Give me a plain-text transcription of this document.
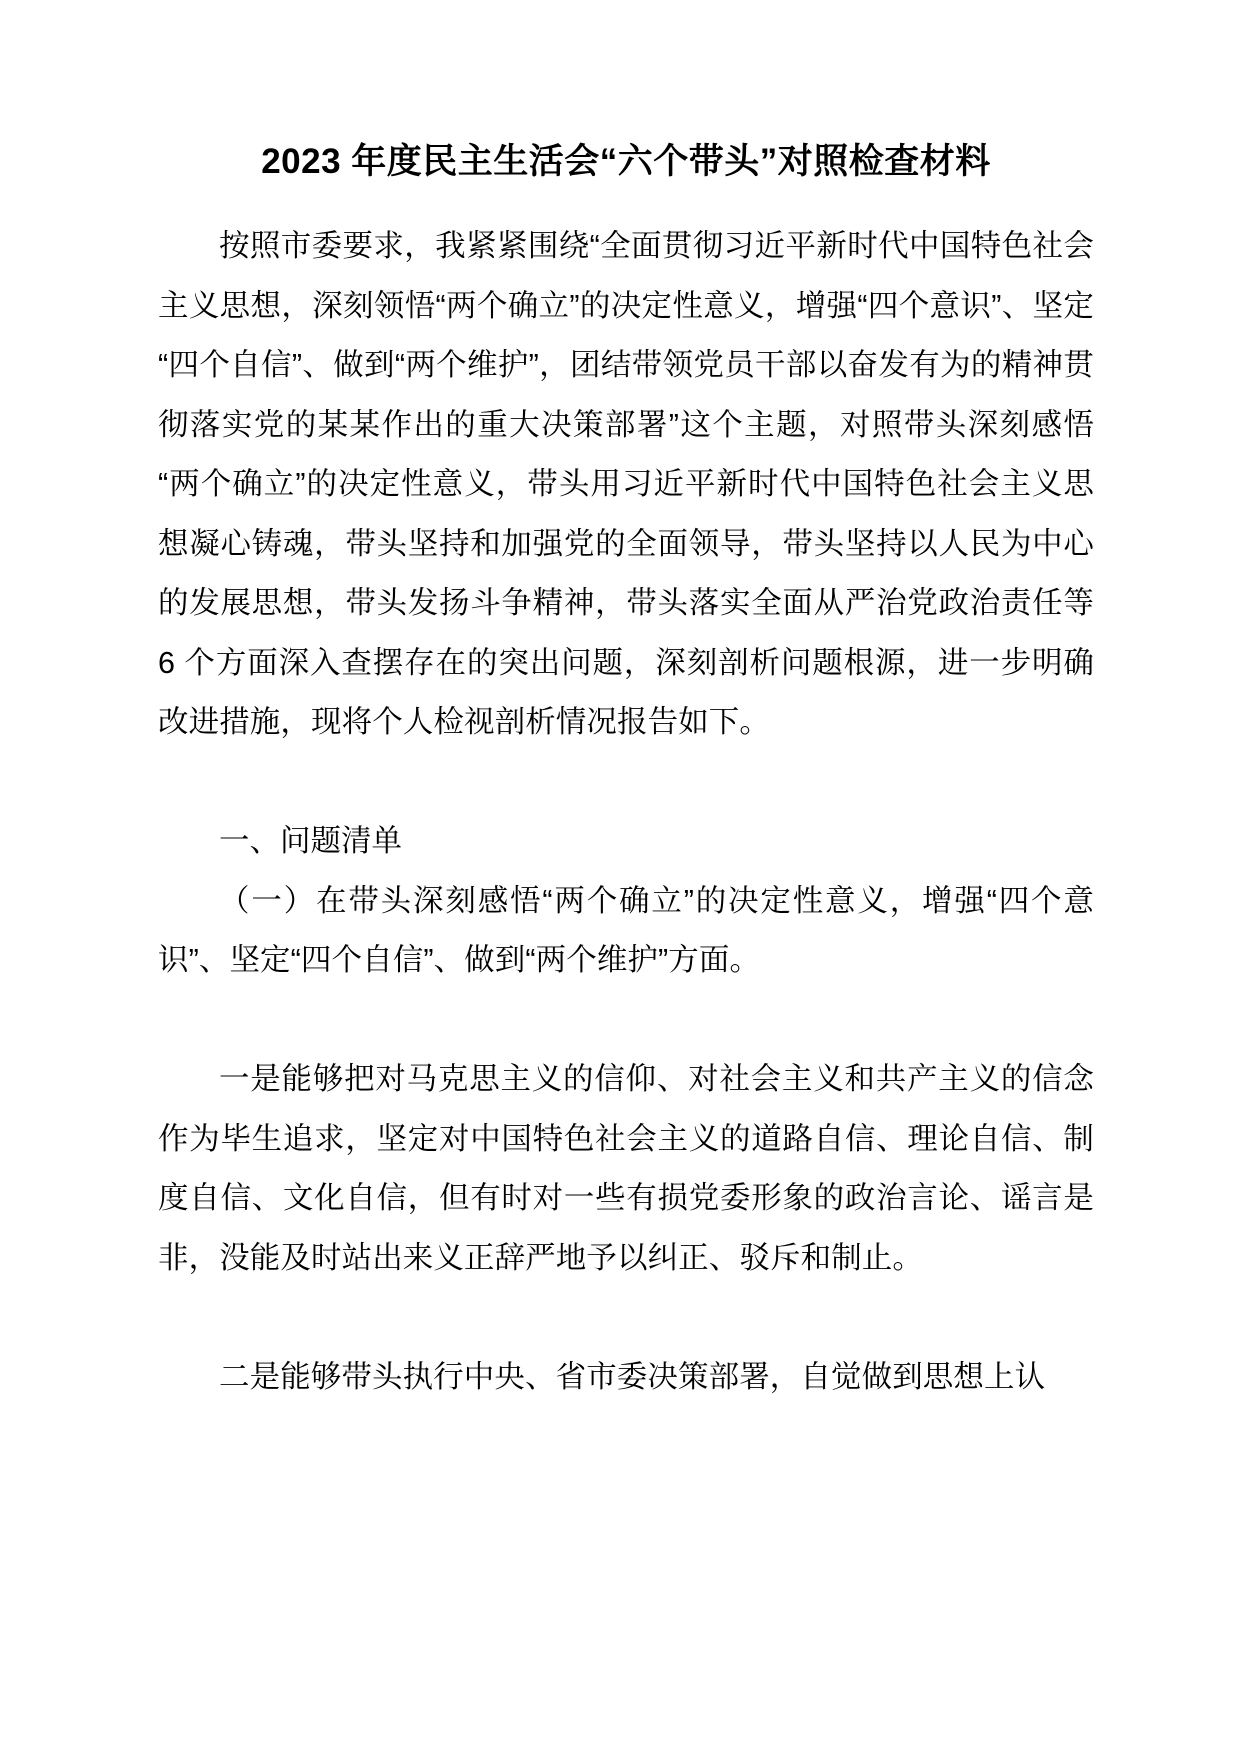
2023 年度民主生活会“六个带头”对照检查材料

按照市委要求，我紧紧围绕“全面贯彻习近平新时代中国特色社会主义思想，深刻领悟“两个确立”的决定性意义，增强“四个意识”、坚定“四个自信”、做到“两个维护”，团结带领党员干部以奋发有为的精神贯彻落实党的某某作出的重大决策部署”这个主题，对照带头深刻感悟“两个确立”的决定性意义，带头用习近平新时代中国特色社会主义思想凝心铸魂，带头坚持和加强党的全面领导，带头坚持以人民为中心的发展思想，带头发扬斗争精神，带头落实全面从严治党政治责任等 6 个方面深入查摆存在的突出问题，深刻剖析问题根源，进一步明确改进措施，现将个人检视剖析情况报告如下。

一、问题清单

（一）在带头深刻感悟“两个确立”的决定性意义，增强“四个意识”、坚定“四个自信”、做到“两个维护”方面。

一是能够把对马克思主义的信仰、对社会主义和共产主义的信念作为毕生追求，坚定对中国特色社会主义的道路自信、理论自信、制度自信、文化自信，但有时对一些有损党委形象的政治言论、谣言是非，没能及时站出来义正辞严地予以纠正、驳斥和制止。

二是能够带头执行中央、省市委决策部署，自觉做到思想上认
